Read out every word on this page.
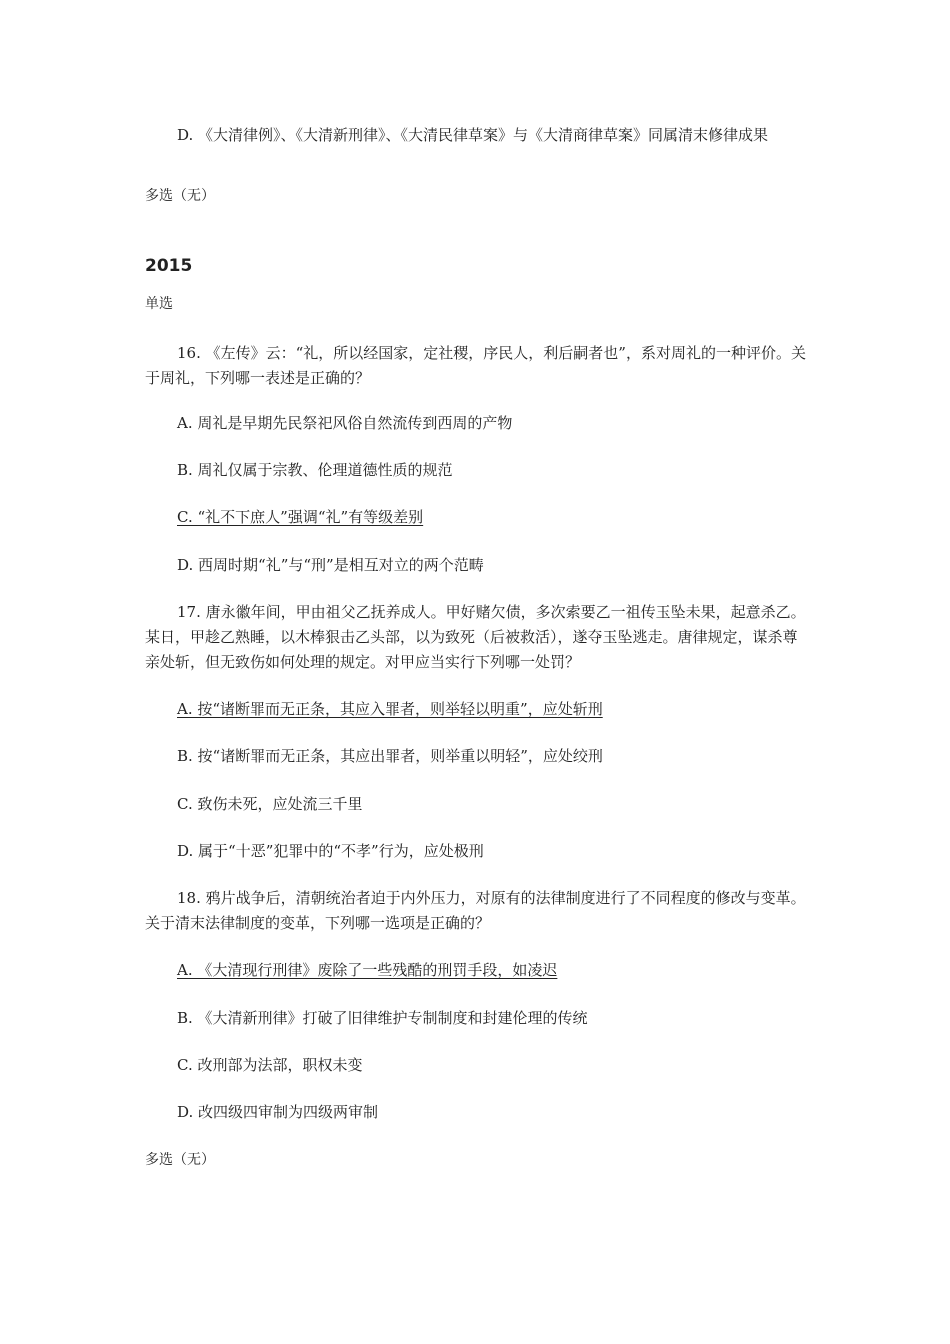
D. 《大清律例》、《大清新刑律》、《大清民律草案》与《大清商律草案》同属清末修律成果

多选（无）

2015

单选

16. 《左传》云：“礼，所以经国家，定社稷，序民人，利后嗣者也”，系对周礼的一种评价。关于周礼，下列哪一表述是正确的？

A. 周礼是早期先民祭祀风俗自然流传到西周的产物

B. 周礼仅属于宗教、伦理道德性质的规范

C. “礼不下庶人”强调“礼”有等级差别

D. 西周时期“礼”与“刑”是相互对立的两个范畴

17. 唐永徽年间，甲由祖父乙抚养成人。甲好赌欠债，多次索要乙一祖传玉坠未果，起意杀乙。某日，甲趁乙熟睡，以木棒狠击乙头部，以为致死（后被救活），遂夺玉坠逃走。唐律规定，谋杀尊亲处斩，但无致伤如何处理的规定。对甲应当实行下列哪一处罚？

A. 按“诸断罪而无正条，其应入罪者，则举轻以明重”，应处斩刑

B. 按“诸断罪而无正条，其应出罪者，则举重以明轻”，应处绞刑

C. 致伤未死，应处流三千里

D. 属于“十恶”犯罪中的“不孝”行为，应处极刑

18. 鸦片战争后，清朝统治者迫于内外压力，对原有的法律制度进行了不同程度的修改与变革。关于清末法律制度的变革，下列哪一选项是正确的？

A. 《大清现行刑律》废除了一些残酷的刑罚手段，如凌迟

B. 《大清新刑律》打破了旧律维护专制制度和封建伦理的传统

C. 改刑部为法部，职权未变

D. 改四级四审制为四级两审制

多选（无）
